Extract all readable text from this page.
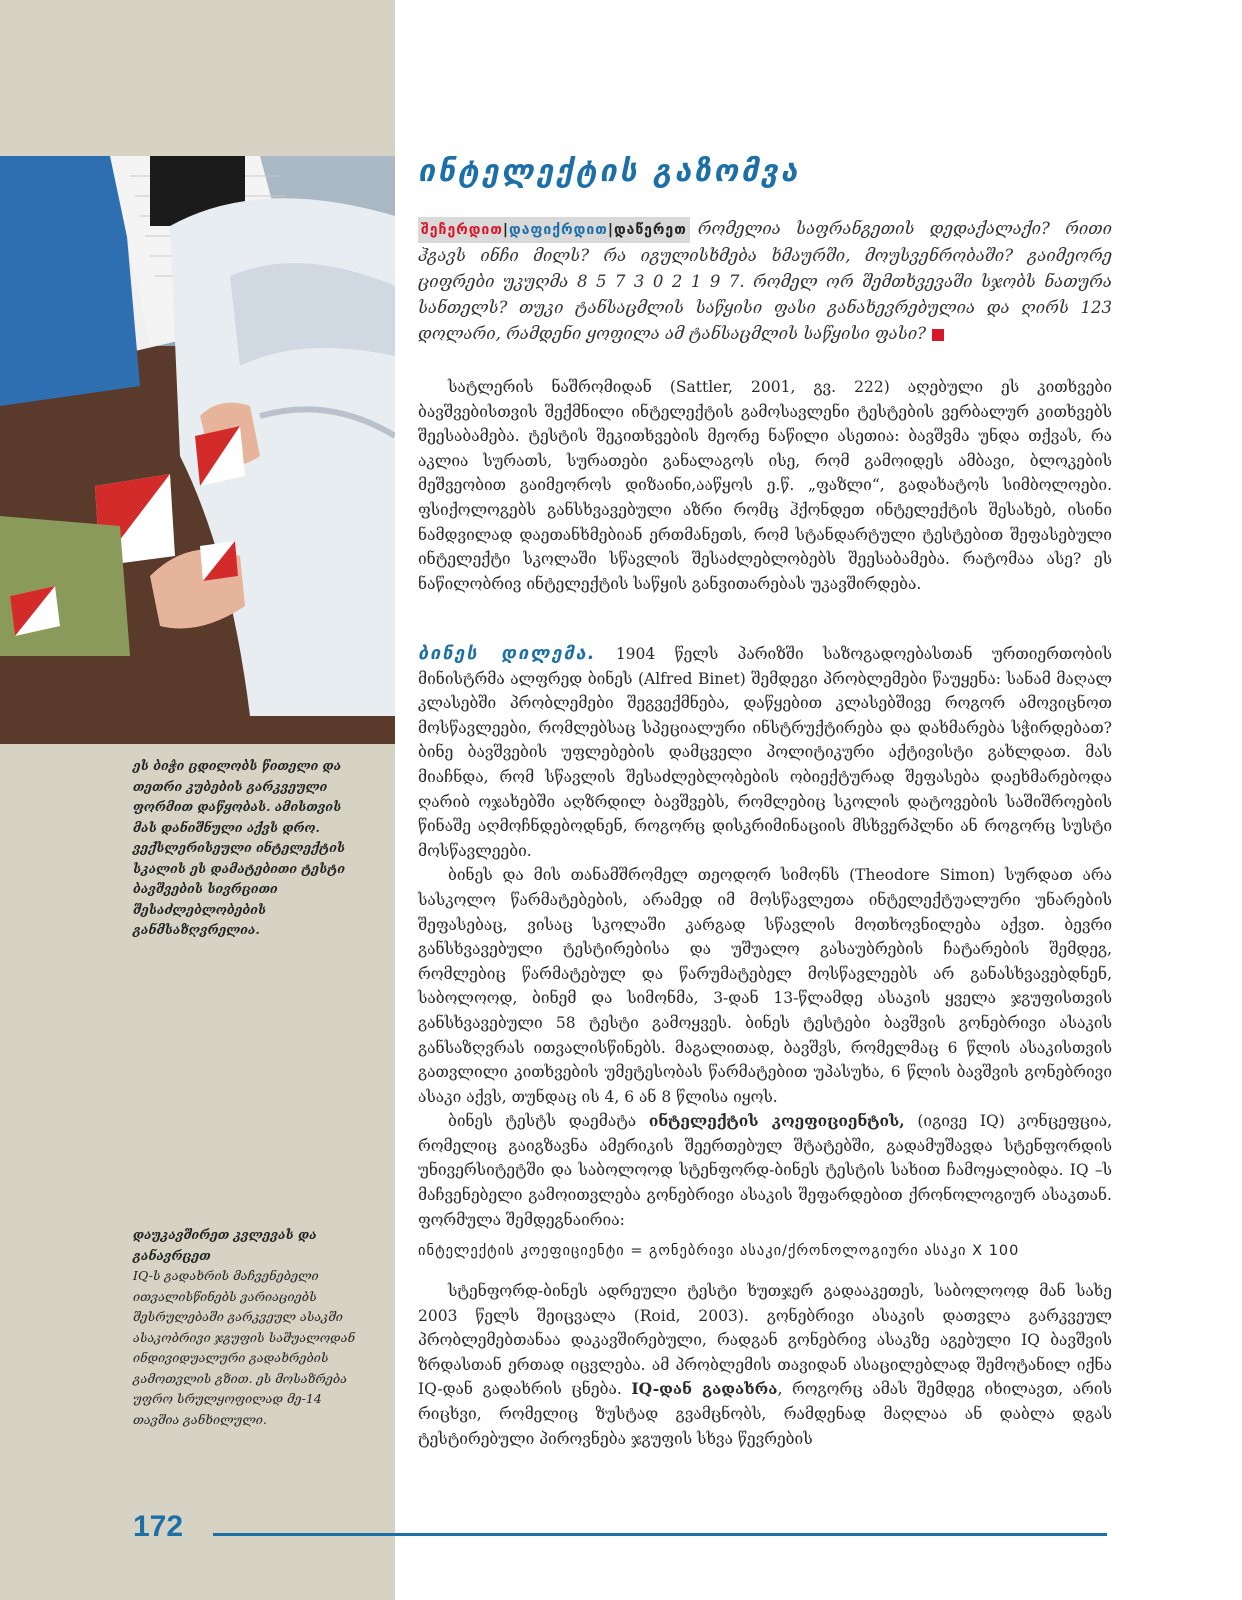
ეს ბიჭი ცდილობს წითელი და თეთრი კუბების გარკვეული ფორმით დაწყობას. ამისთვის მას დანიშნული აქვს დრო. ვექსლერისეული ინტელექტის სკალის ეს დამატებითი ტესტი ბავშვების სივრცითი შესაძლებლობების განმსაზღვრელია.
დაუკავშირეთ კვლევას და განავრცეთ
IQ-ს გადახრის მაჩვენებელი ითვალისწინებს ვარიაციებს შესრულებაში გარკვეულ ასაკში ასაკობრივი ჯგუფის საშუალოდან ინდივიდუალური გადახრების გამოთვლის გზით. ეს მოსაზრება უფრო სრულყოფილად მე-14 თავშია განხილული.
172
ინტელექტის გაზომვა
შეჩერდით|დაფიქრდით|დაწერეთ რომელია საფრანგეთის დედაქალაქი? რითი ჰგავს ინჩი მილს? რა იგულისხმება ხმაურში, მოუსვენრობაში? გაიმეორე ციფრები უკუღმა 8 5 7 3 0 2 1 9 7. რომელ ორ შემთხვევაში სჯობს ნათურა სანთელს? თუკი ტანსაცმლის საწყისი ფასი განახევრებულია და ღირს 123 დოლარი, რამდენი ყოფილა ამ ტანსაცმლის საწყისი ფასი?

სატლერის ნაშრომიდან (Sattler, 2001, გვ. 222) აღებული ეს კითხვები ბავშვებისთვის შექმნილი ინტელექტის გამოსავლენი ტესტების ვერბალურ კითხვებს შეესაბამება. ტესტის შეკითხვების მეორე ნაწილი ასეთია: ბავშვმა უნდა თქვას, რა აკლია სურათს, სურათები განალაგოს ისე, რომ გამოიდეს ამბავი, ბლოკების მეშვეობით გაიმეოროს დიზაინი,ააწყოს ე.წ. „ფაზლი“, გადახატოს სიმბოლოები. ფსიქოლოგებს განსხვავებული აზრი რომც ჰქონდეთ ინტელექტის შესახებ, ისინი ნამდვილად დაეთანხმებიან ერთმანეთს, რომ სტანდარტული ტესტებით შეფასებული ინტელექტი სკოლაში სწავლის შესაძლებლობებს შეესაბამება. რატომაა ასე? ეს ნაწილობრივ ინტელექტის საწყის განვითარებას უკავშირდება.

ბინეს დილემა. 1904 წელს პარიზში საზოგადოებასთან ურთიერთობის მინისტრმა ალფრედ ბინეს (Alfred Binet) შემდეგი პრობლემები წაუყენა: სანამ მაღალ კლასებში პრობლემები შეგვექმნება, დაწყებით კლასებშივე როგორ ამოვიცნოთ მოსწავლეები, რომლებსაც სპეციალური ინსტრუქტირება და დახმარება სჭირდებათ? ბინე ბავშვების უფლებების დამცველი პოლიტიკური აქტივისტი გახლდათ. მას მიაჩნდა, რომ სწავლის შესაძლებლობების ობიექტურად შეფასება დაეხმარებოდა ღარიბ ოჯახებში აღზრდილ ბავშვებს, რომლებიც სკოლის დატოვების საშიშროების წინაშე აღმოჩნდებოდნენ, როგორც დისკრიმინაციის მსხვერპლნი ან როგორც სუსტი მოსწავლეები.

ბინეს და მის თანამშრომელ თეოდორ სიმონს (Theodore Simon) სურდათ არა სასკოლო წარმატებების, არამედ იმ მოსწავლეთა ინტელექტუალური უნარების შეფასებაც, ვისაც სკოლაში კარგად სწავლის მოთხოვნილება აქვთ. ბევრი განსხვავებული ტესტირებისა და უშუალო გასაუბრების ჩატარების შემდეგ, რომლებიც წარმატებულ და წარუმატებელ მოსწავლეებს არ განასხვავებდნენ, საბოლოოდ, ბინემ და სიმონმა, 3-დან 13-წლამდე ასაკის ყველა ჯგუფისთვის განსხვავებული 58 ტესტი გამოყვეს. ბინეს ტესტები ბავშვის გონებრივი ასაკის განსაზღვრას ითვალისწინებს. მაგალითად, ბავშვს, რომელმაც 6 წლის ასაკისთვის გათვლილი კითხვების უმეტესობას წარმატებით უპასუხა, 6 წლის ბავშვის გონებრივი ასაკი აქვს, თუნდაც ის 4, 6 ან 8 წლისა იყოს.

ბინეს ტესტს დაემატა ინტელექტის კოეფიციენტის, (იგივე IQ) კონცეფცია, რომელიც გაიგზავნა ამერიკის შეერთებულ შტატებში, გადამუშავდა სტენფორდის უნივერსიტეტში და საბოლოოდ სტენფორდ-ბინეს ტესტის სახით ჩამოყალიბდა. IQ –ს მაჩვენებელი გამოითვლება გონებრივი ასაკის შეფარდებით ქრონოლოგიურ ასაკთან. ფორმულა შემდეგნაირია:

ინტელექტის კოეფიციენტი = გონებრივი ასაკი/ქრონოლოგიური ასაკი X 100

სტენფორდ-ბინეს ადრეული ტესტი ხუთჯერ გადააკეთეს, საბოლოოდ მან სახე 2003 წელს შეიცვალა (Roid, 2003). გონებრივი ასაკის დათვლა გარკვეულ პრობლემებთანაა დაკავშირებული, რადგან გონებრივ ასაკზე აგებული IQ ბავშვის ზრდასთან ერთად იცვლება. ამ პრობლემის თავიდან ასაცილებლად შემოტანილ იქნა IQ-დან გადახრის ცნება. IQ-დან გადახრა, როგორც ამას შემდეგ იხილავთ, არის რიცხვი, რომელიც ზუსტად გვამცნობს, რამდენად მაღლაა ან დაბლა დგას ტესტირებული პიროვნება ჯგუფის სხვა წევრების
